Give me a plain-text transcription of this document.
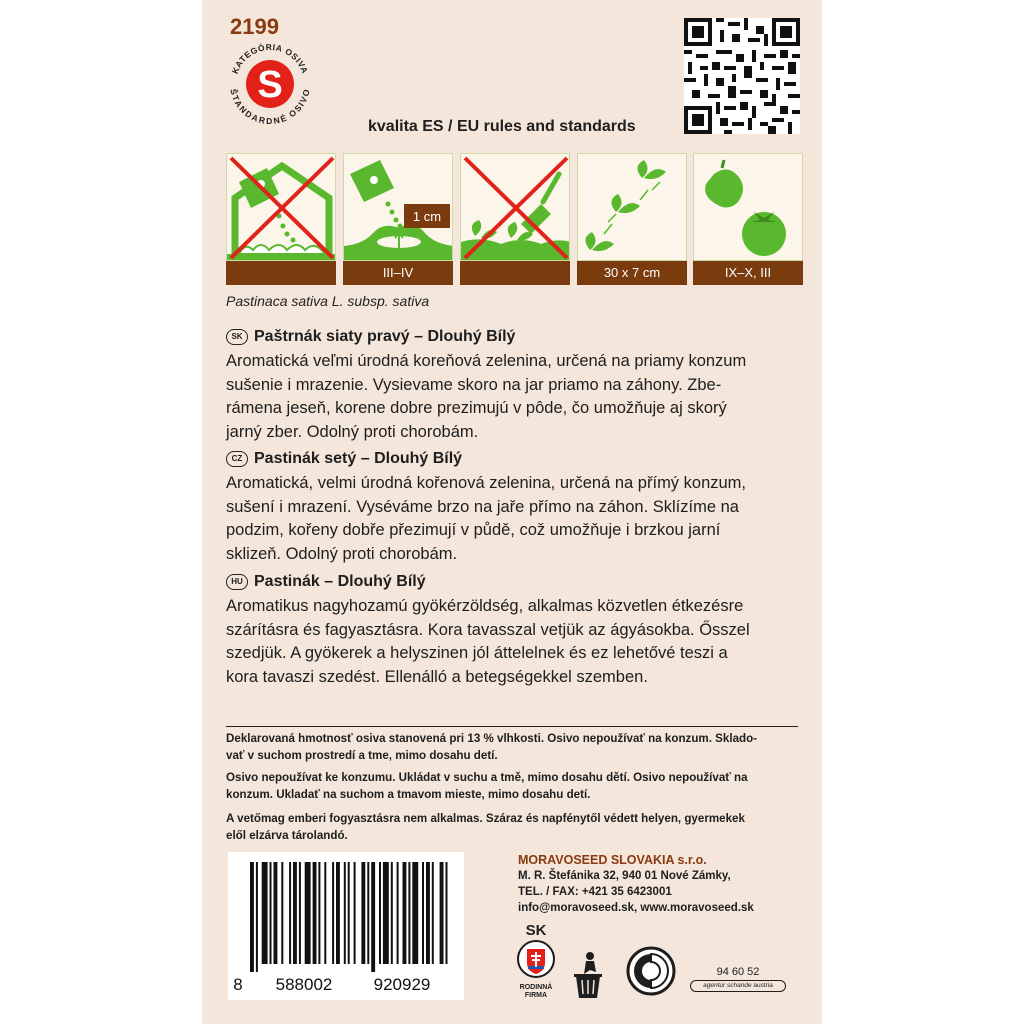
2199
S
KATEGÓRIA OSIVA
ŠTANDARDNÉ OSIVO
kvalita ES / EU rules and standards
1 cm
III–IV	30 x 7 cm	IX–X, III
Pastinaca sativa L. subsp. sativa
SK Paštrnák siaty pravý – Dlouhý Bílý
Aromatická veľmi úrodná koreňová zelenina, určená na priamy konzum
sušenie i mrazenie. Vysievame skoro na jar priamo na záhony. Zbe-
rámena jeseň, korene dobre prezimujú v pôde, čo umožňuje aj skorý
jarný zber. Odolný proti chorobám.
CZ Pastinák setý – Dlouhý Bílý
Aromatická, velmi úrodná kořenová zelenina, určená na přímý konzum,
sušení i mrazení. Vyséváme brzo na jaře přímo na záhon. Sklízíme na
podzim, kořeny dobře přezimují v půdě, což umožňuje i brzkou jarní
sklizeň. Odolný proti chorobám.
HU Pastinák – Dlouhý Bílý
Aromatikus nagyhozamú gyökérzöldség, alkalmas közvetlen étkezésre
szárításra és fagyasztásra. Kora tavasszal vetjük az ágyásokba. Ősszel
szedjük. A gyökerek a helyszinen jól áttelelnek és ez lehetővé teszi a
kora tavaszi szedést. Ellenálló a betegségekkel szemben.
Deklarovaná hmotnosť osiva stanovená pri 13 % vlhkosti. Osivo nepoužívať na konzum. Sklado-
vať v suchom prostredí a tme, mimo dosahu detí.
Osivo nepoužívat ke konzumu. Ukládat v suchu a tmě, mimo dosahu dětí. Osivo nepoužívať na
konzum. Ukladať na suchom a tmavom mieste, mimo dosahu detí.
A vetőmag emberi fogyasztásra nem alkalmas. Száraz és napfénytől védett helyen, gyermekek
elől elzárva tárolandó.
8 588002 920929
MORAVOSEED SLOVAKIA s.r.o.
M. R. Štefánika 32, 940 01 Nové Zámky,
TEL. / FAX: +421 35 6423001
info@moravoseed.sk, www.moravoseed.sk
SK
RODINNÁ
FIRMA
94 60 52
agentur schande austria
